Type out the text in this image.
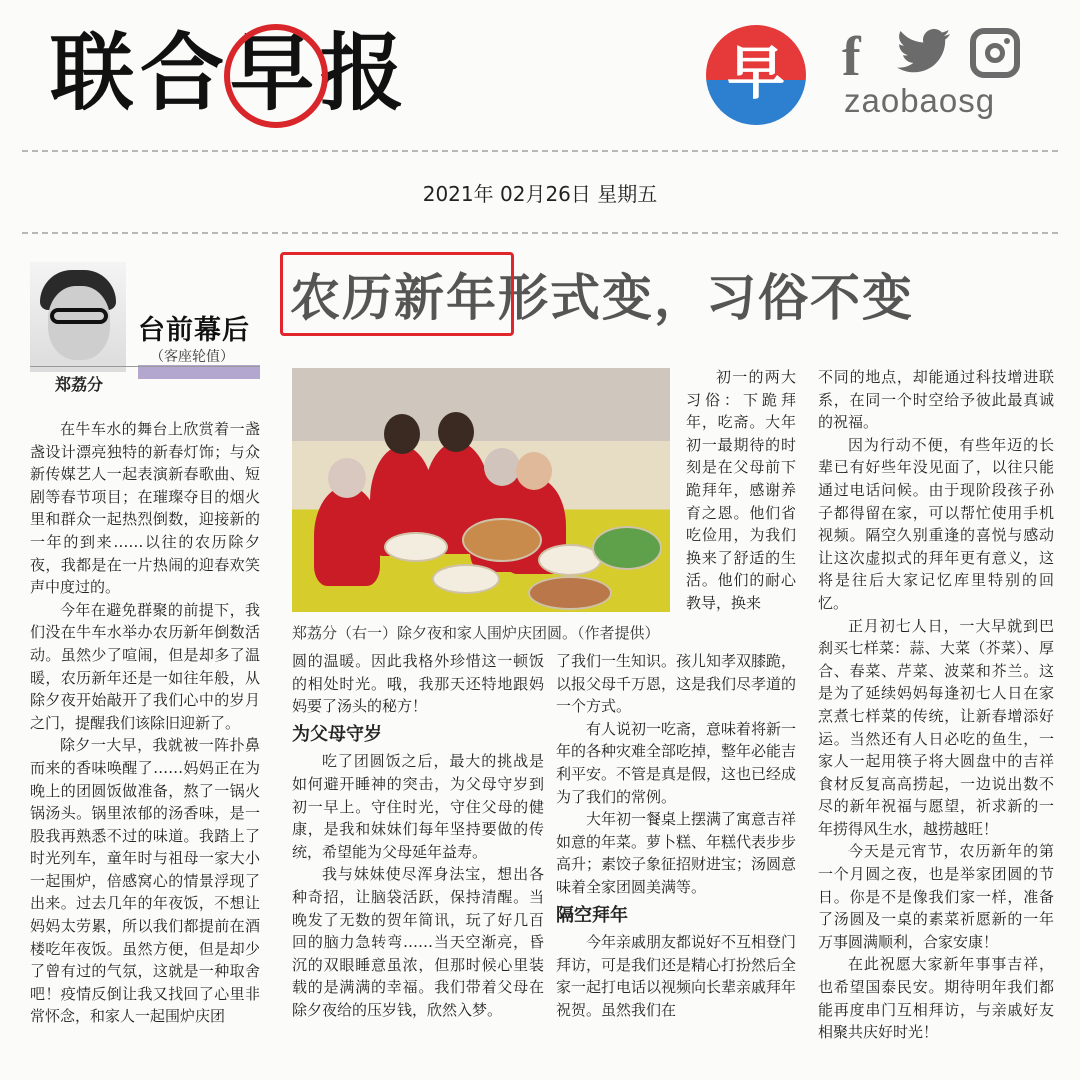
联合
早报	早	f
zaobaosg
2021年 02月26日 星期五
台前幕后
（客座轮值）
郑荔分
农历新年形式变，习俗不变
郑荔分（右一）除夕夜和家人围炉庆团圆。（作者提供）

在牛车水的舞台上欣赏着一盏盏设计漂亮独特的新春灯饰；与众新传媒艺人一起表演新春歌曲、短剧等春节项目；在璀璨夺目的烟火里和群众一起热烈倒数，迎接新的一年的到来……以往的农历除夕夜，我都是在一片热闹的迎春欢笑声中度过的。

今年在避免群聚的前提下，我们没在牛车水举办农历新年倒数活动。虽然少了喧闹，但是却多了温暖，农历新年还是一如往年般，从除夕夜开始敲开了我们心中的岁月之门，提醒我们该除旧迎新了。

除夕一大早，我就被一阵扑鼻而来的香味唤醒了……妈妈正在为晚上的团圆饭做准备，熬了一锅火锅汤头。锅里浓郁的汤香味，是一股我再熟悉不过的味道。我踏上了时光列车，童年时与祖母一家大小一起围炉，倍感窝心的情景浮现了出来。过去几年的年夜饭，不想让妈妈太劳累，所以我们都提前在酒楼吃年夜饭。虽然方便，但是却少了曾有过的气氛，这就是一种取舍吧！疫情反倒让我又找回了心里非常怀念，和家人一起围炉庆团

圆的温暖。因此我格外珍惜这一顿饭的相处时光。哦，我那天还特地跟妈妈要了汤头的秘方！

为父母守岁

吃了团圆饭之后，最大的挑战是如何避开睡神的突击，为父母守岁到初一早上。守住时光，守住父母的健康，是我和妹妹们每年坚持要做的传统，希望能为父母延年益寿。

我与妹妹使尽浑身法宝，想出各种奇招，让脑袋活跃，保持清醒。当晚发了无数的贺年简讯，玩了好几百回的脑力急转弯……当天空渐亮，昏沉的双眼睡意虽浓，但那时候心里装载的是满满的幸福。我们带着父母在除夕夜给的压岁钱，欣然入梦。

初一的两大习俗：下跪拜年，吃斋。大年初一最期待的时刻是在父母前下跪拜年，感谢养育之恩。他们省吃俭用，为我们换来了舒适的生活。他们的耐心教导，换来

了我们一生知识。孩儿知孝双膝跪，以报父母千万恩，这是我们尽孝道的一个方式。

有人说初一吃斋，意味着将新一年的各种灾难全部吃掉，整年必能吉利平安。不管是真是假，这也已经成为了我们的常例。

大年初一餐桌上摆满了寓意吉祥如意的年菜。萝卜糕、年糕代表步步高升；素饺子象征招财进宝；汤圆意味着全家团圆美满等。

隔空拜年

今年亲戚朋友都说好不互相登门拜访，可是我们还是精心打扮然后全家一起打电话以视频向长辈亲戚拜年祝贺。虽然我们在

不同的地点，却能通过科技增进联系，在同一个时空给予彼此最真诚的祝福。

因为行动不便，有些年迈的长辈已有好些年没见面了，以往只能通过电话问候。由于现阶段孩子孙子都得留在家，可以帮忙使用手机视频。隔空久别重逢的喜悦与感动让这次虚拟式的拜年更有意义，这将是往后大家记忆库里特别的回忆。

正月初七人日，一大早就到巴刹买七样菜：蒜、大菜（芥菜）、厚合、春菜、芹菜、波菜和芥兰。这是为了延续妈妈每逢初七人日在家烹煮七样菜的传统，让新春增添好运。当然还有人日必吃的鱼生，一家人一起用筷子将大圆盘中的吉祥食材反复高高捞起，一边说出数不尽的新年祝福与愿望，祈求新的一年捞得风生水，越捞越旺！

今天是元宵节，农历新年的第一个月圆之夜，也是举家团圆的节日。你是不是像我们家一样，准备了汤圆及一桌的素菜祈愿新的一年万事圆满顺利，合家安康！

在此祝愿大家新年事事吉祥，也希望国泰民安。期待明年我们都能再度串门互相拜访，与亲戚好友相聚共庆好时光！
